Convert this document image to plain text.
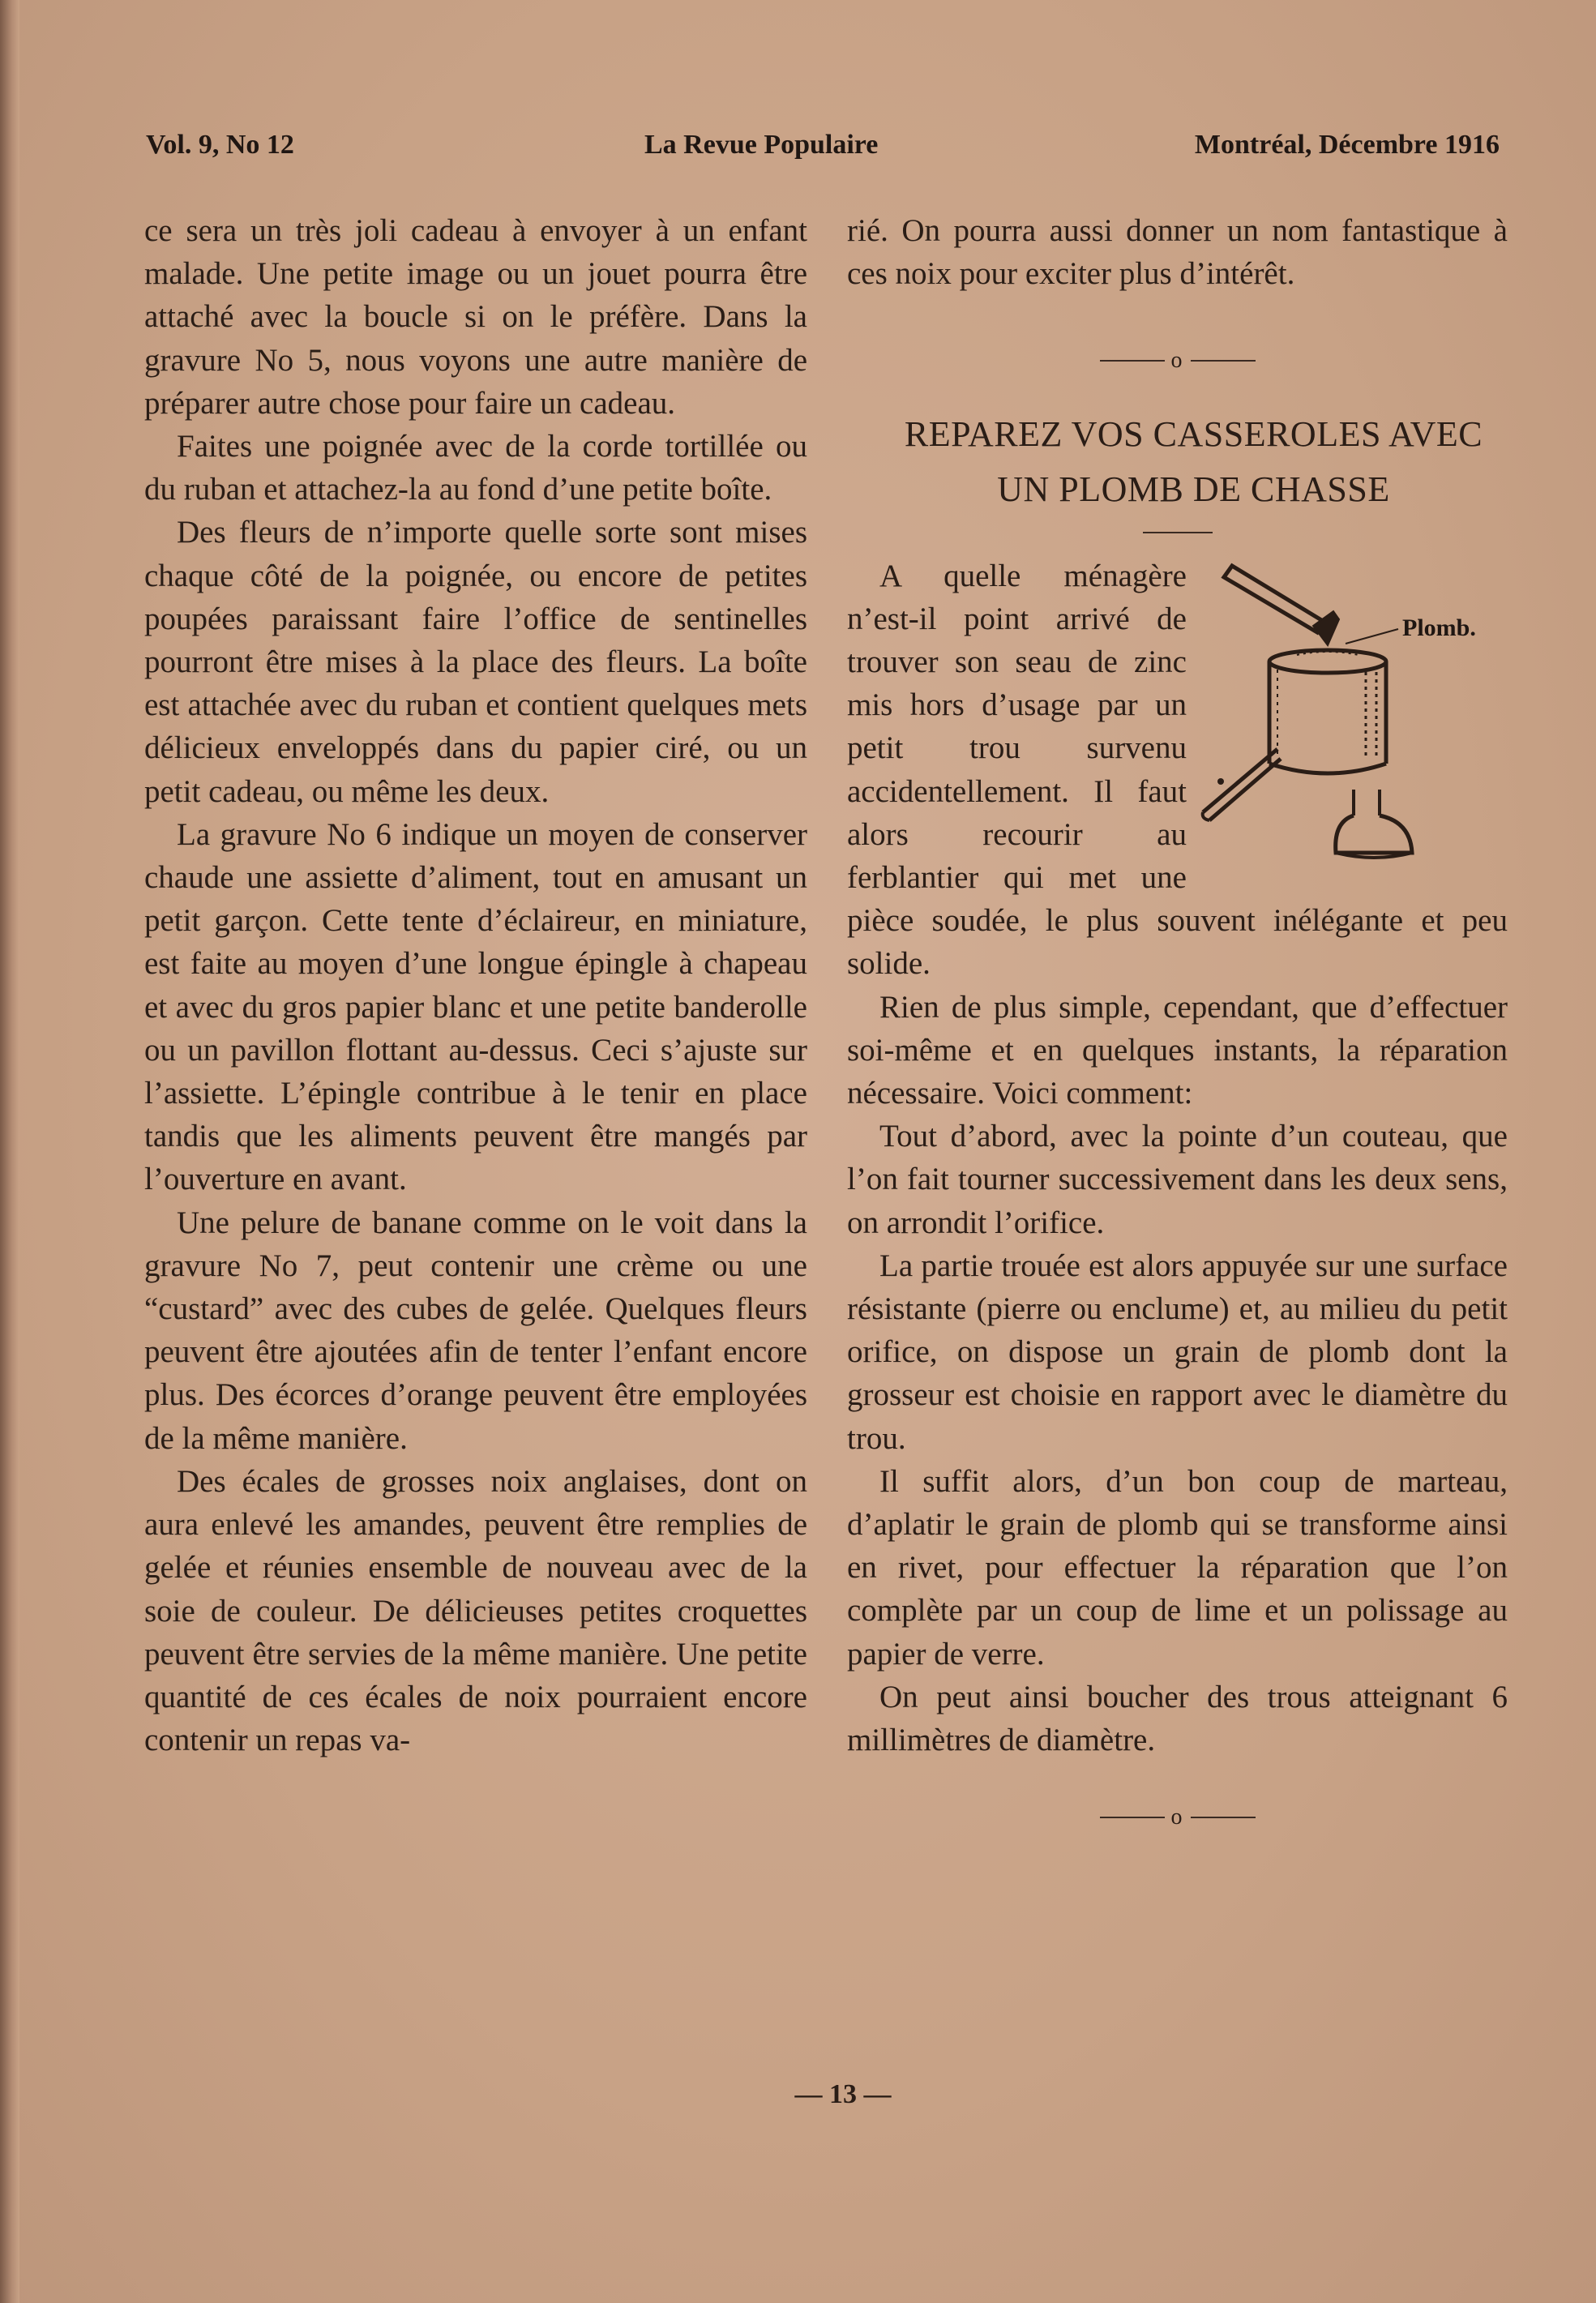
Vol. 9, No 12	La Revue Populaire	Montréal, Décembre 1916

ce sera un très joli cadeau à envoyer à un enfant malade. Une petite image ou un jouet pourra être attaché avec la boucle si on le préfère. Dans la gravure No 5, nous voyons une autre manière de préparer autre chose pour faire un cadeau.

Faites une poignée avec de la corde tortillée ou du ruban et attachez-la au fond d’une petite boîte.

Des fleurs de n’importe quelle sorte sont mises chaque côté de la poignée, ou encore de petites poupées paraissant faire l’office de sentinelles pourront être mises à la place des fleurs. La boîte est attachée avec du ruban et contient quelques mets délicieux enveloppés dans du papier ciré, ou un petit cadeau, ou même les deux.

La gravure No 6 indique un moyen de conserver chaude une assiette d’aliment, tout en amusant un petit garçon. Cette tente d’éclaireur, en miniature, est faite au moyen d’une longue épingle à chapeau et avec du gros papier blanc et une petite banderolle ou un pavillon flottant au-dessus. Ceci s’ajuste sur l’assiette. L’épingle contribue à le tenir en place tandis que les aliments peuvent être mangés par l’ouverture en avant.

Une pelure de banane comme on le voit dans la gravure No 7, peut contenir une crème ou une “custard” avec des cubes de gelée. Quelques fleurs peuvent être ajoutées afin de tenter l’enfant encore plus. Des écorces d’orange peuvent être employées de la même manière.

Des écales de grosses noix anglaises, dont on aura enlevé les amandes, peuvent être remplies de gelée et réunies ensemble de nouveau avec de la soie de couleur. De délicieuses petites croquettes peuvent être servies de la même manière. Une petite quantité de ces écales de noix pourraient encore contenir un repas va-

rié. On pourra aussi donner un nom fantastique à ces noix pour exciter plus d’intérêt.

o

REPAREZ VOS CASSEROLES AVEC

UN PLOMB DE CHASSE

Plomb.

A quelle ménagère n’est-il point arrivé de trouver son seau de zinc mis hors d’usage par un petit trou survenu accidentellement. Il faut alors recourir au ferblantier qui met une pièce soudée, le plus souvent inélégante et peu solide.

Rien de plus simple, cependant, que d’effectuer soi-même et en quelques instants, la réparation nécessaire. Voici comment:

Tout d’abord, avec la pointe d’un couteau, que l’on fait tourner successivement dans les deux sens, on arrondit l’orifice.

La partie trouée est alors appuyée sur une surface résistante (pierre ou enclume) et, au milieu du petit orifice, on dispose un grain de plomb dont la grosseur est choisie en rapport avec le diamètre du trou.

Il suffit alors, d’un bon coup de marteau, d’aplatir le grain de plomb qui se transforme ainsi en rivet, pour effectuer la réparation que l’on complète par un coup de lime et un polissage au papier de verre.

On peut ainsi boucher des trous atteignant 6 millimètres de diamètre.

o
— 13 —
